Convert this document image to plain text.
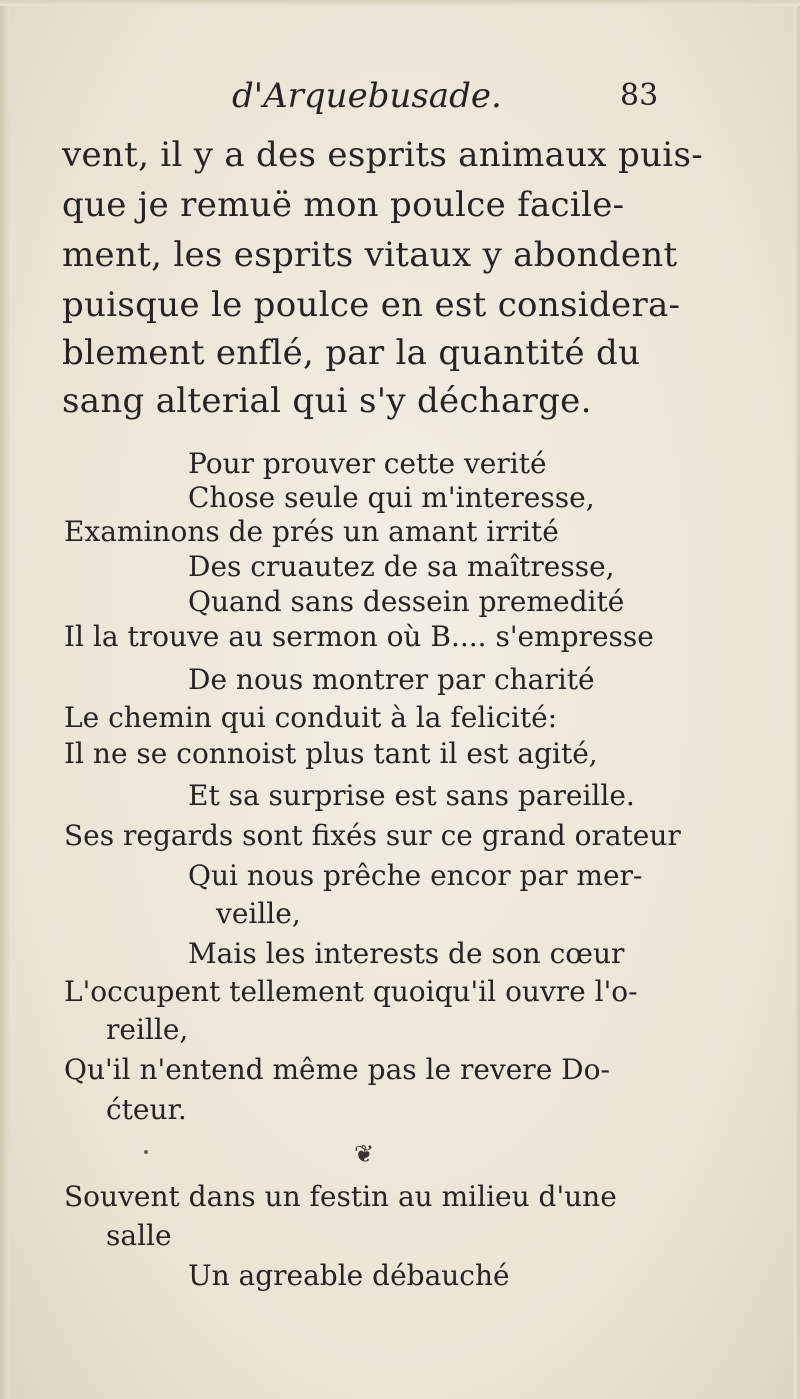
d'Arquebusade.	83
vent, il y a des esprits animaux puis-
que je remuë mon poulce facile-
ment, les esprits vitaux y abondent
puisque le poulce en est considera-
blement enflé, par la quantité du
sang alterial qui s'y décharge.
Pour prouver cette verité
Chose seule qui m'interesse,
Examinons de prés un amant irrité
Des cruautez de sa maîtresse,
Quand sans dessein premedité
Il la trouve au sermon où B.... s'empresse
De nous montrer par charité
Le chemin qui conduit à la felicité:
Il ne se connoist plus tant il est agité,
Et sa surprise est sans pareille.
Ses regards sont fixés sur ce grand orateur
Qui nous prêche encor par mer-
veille,
Mais les interests de son cœur
L'occupent tellement quoiqu'il ouvre l'o-
reille,
Qu'il n'entend même pas le revere Do-
ćteur.
❦
Souvent dans un festin au milieu d'une
salle
Un agreable débauché
